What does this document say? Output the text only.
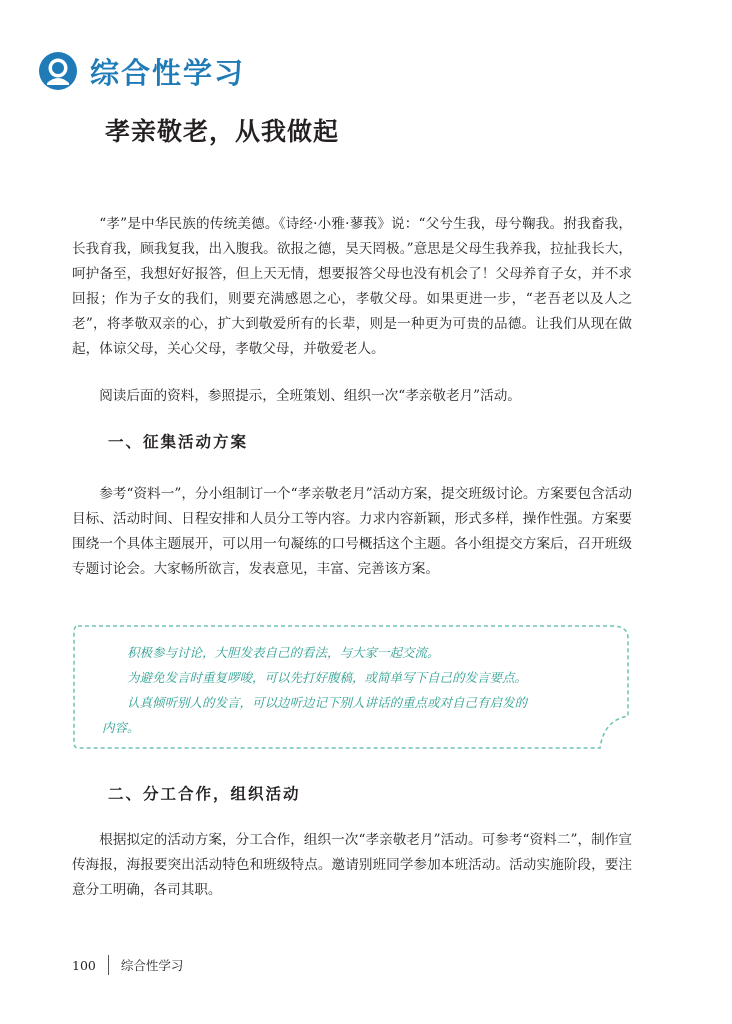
综合性学习
孝亲敬老，从我做起

“孝”是中华民族的传统美德。《诗经·小雅·蓼莪》说：“父兮生我，母兮鞠我。拊我畜我，长我育我，顾我复我，出入腹我。欲报之德，昊天罔极。”意思是父母生我养我，拉扯我长大，呵护备至，我想好好报答，但上天无情，想要报答父母也没有机会了！父母养育子女，并不求回报；作为子女的我们，则要充满感恩之心，孝敬父母。如果更进一步，“老吾老以及人之老”，将孝敬双亲的心，扩大到敬爱所有的长辈，则是一种更为可贵的品德。让我们从现在做起，体谅父母，关心父母，孝敬父母，并敬爱老人。

阅读后面的资料，参照提示，全班策划、组织一次“孝亲敬老月”活动。

一、征集活动方案

参考“资料一”，分小组制订一个“孝亲敬老月”活动方案，提交班级讨论。方案要包含活动目标、活动时间、日程安排和人员分工等内容。力求内容新颖，形式多样，操作性强。方案要围绕一个具体主题展开，可以用一句凝练的口号概括这个主题。各小组提交方案后，召开班级专题讨论会。大家畅所欲言，发表意见，丰富、完善该方案。

积极参与讨论，大胆发表自己的看法，与大家一起交流。
为避免发言时重复啰唆，可以先打好腹稿，或简单写下自己的发言要点。
认真倾听别人的发言，可以边听边记下别人讲话的重点或对自己有启发的
内容。
二、分工合作，组织活动

根据拟定的活动方案，分工合作，组织一次“孝亲敬老月”活动。可参考“资料二”，制作宣传海报，海报要突出活动特色和班级特点。邀请别班同学参加本班活动。活动实施阶段，要注意分工明确，各司其职。

100	综合性学习
